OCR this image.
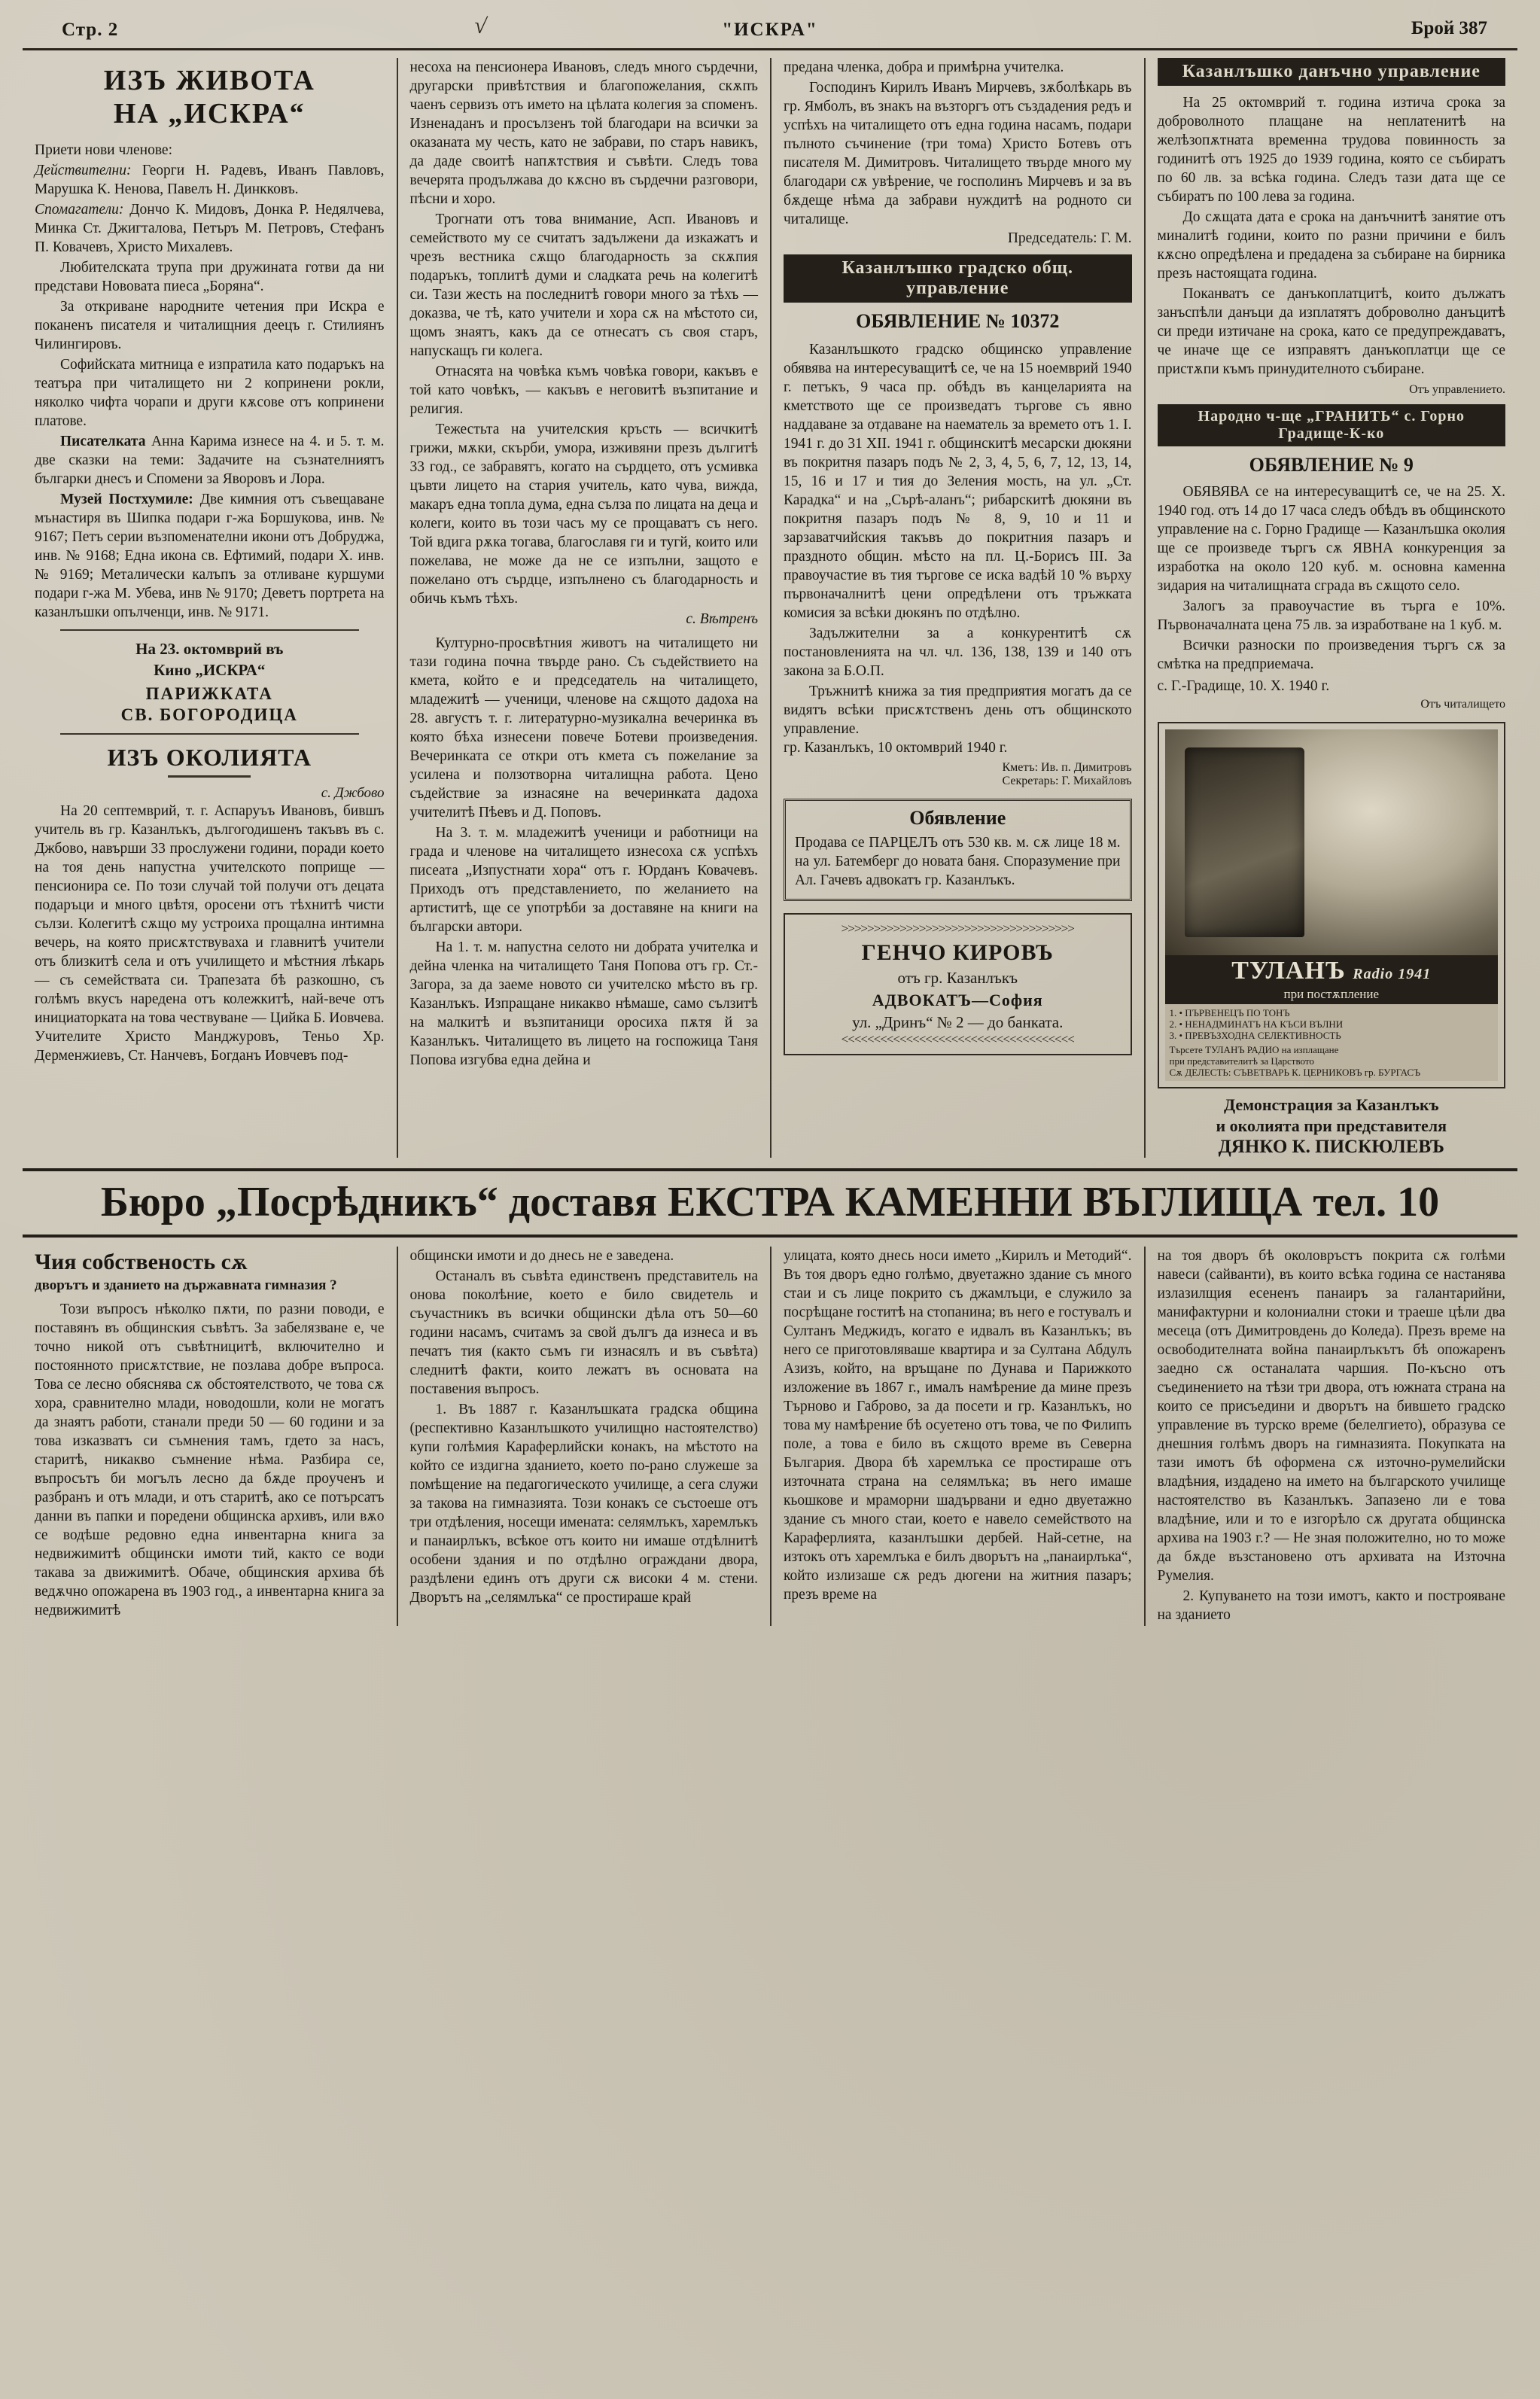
Стр. 2	√	"ИСКРА"	Брой 387
ИЗЪ ЖИВОТА
НА „ИСКРА“

Приети нови членове:

Действителни: Георги Н. Радевъ, Иванъ Павловъ, Марушка К. Ненова, Павелъ Н. Динкковъ.

Спомагатели: Дончо К. Мидовъ, Донка Р. Недялчева, Минка Ст. Джигталова, Петъръ М. Петровъ, Стефанъ П. Ковачевъ, Христо Михалевъ.

Любителската трупа при дружината готви да ни представи Нововата пиеса „Боряна“.

За откриване народните четения при Искра е поканенъ писателя и читалищния деецъ г. Стилиянъ Чилингировъ.

Софийската митница е изпратила като подаръкъ на театъра при читалището ни 2 копринени рокли, няколко чифта чорапи и други кѫсове отъ копринени платове.

Писателката Анна Карима изнесе на 4. и 5. т. м. две сказки на теми: Задачите на съзнателниятъ българки днесъ и Спомени за Яворовъ и Лора.

Музей Постхумиле: Две кимния отъ съвещаване мънастиря въ Шипка подари г-жа Боршукова, инв. № 9167; Петъ серии възпоменателни икони отъ Добруджа, инв. № 9168; Една икона св. Ефтимий, подари Х. инв. № 9169; Металически калъпъ за отливане куршуми подари г-жа М. Убева, инв № 9170; Деветъ портрета на казанлъшки опълченци, инв. № 9171.

На 23. октомврий въ
Кино „ИСКРА“
ПАРИЖКАТА
СВ. БОГОРОДИЦА
ИЗЪ ОКОЛИЯТА
с. Джбово

На 20 септемврий, т. г. Аспаруъъ Ивановъ, бившъ учитель въ гр. Казанлъкъ, дългогодишенъ такъвъ въ с. Джбово, навърши 33 прослужени години, поради което на тоя день напустна учителското поприще — пенсионира се. По този случай той получи отъ децата подаръци и много цвѣтя, оросени отъ тѣхнитѣ чисти сълзи. Колегитѣ сѫщо му устроиха прощална интимна вечерь, на която присѫтствуваха и главнитѣ учители отъ близкитѣ села и отъ училището и мѣстния лѣкарь — съ семействата си. Трапезата бѣ разкошно, съ голѣмъ вкусъ наредена отъ колежкитѣ, най-вече отъ инициаторката на това чествуване — Цийка Б. Иовчева. Учителите Христо Манджуровъ, Теньо Хр. Дерменжиевъ, Ст. Нанчевъ, Богданъ Иовчевъ под-

несоха на пенсионера Ивановъ, следъ много сърдечни, другарски привѣтствия и благопожелания, скѫпъ чаенъ сервизъ отъ името на цѣлата колегия за споменъ. Изненаданъ и просълзенъ той благодари на всички за оказаната му честь, като не забрави, по старъ навикъ, да даде своитѣ напѫтствия и съвѣти. Следъ това вечерята продължава до кѫсно въ сърдечни разговори, пѣсни и хоро.

Трогнати отъ това внимание, Асп. Ивановъ и семейството му се считатъ задължени да изкажатъ и чрезъ вестника сѫщо благодарность за скѫпия подаръкъ, топлитѣ думи и сладката речь на колегитѣ си. Тази жесть на последнитѣ говори много за тѣхъ — доказва, че тѣ, като учители и хора сѫ на мѣстото си, щомъ знаятъ, какъ да се отнесатъ съ своя старъ, напускащъ ги колега.

Отнасята на човѣка къмъ човѣка говори, какъвъ е той като човѣкъ, — какъвъ е неговитѣ възпитание и религия.

Тежестьта на учителския кръсть — всичкитѣ грижи, мѫки, скърби, умора, изживяни презъ дългитѣ 33 год., се забравятъ, когато на сърдцето, отъ усмивка цъвти лицето на стария учитель, като чува, вижда, макаръ една топла дума, една сълза по лицата на деца и колеги, които въ този часъ му се прощаватъ съ него. Той вдига рѫка тогава, благославя ги и тугй, които или пожелава, не може да не се изпълни, защото е пожелано отъ сърдце, изпълнено съ благодарность и обичь къмъ тѣхъ.

с. Вѣтренъ

Културно-просвѣтния животъ на читалището ни тази година почна твърде рано. Съ съдействието на кмета, който е и председатель на читалището, младежитѣ — ученици, членове на сѫщото дадоха на 28. августъ т. г. литературно-музикална вечеринка въ която бѣха изнесени повече Ботеви произведения. Вечеринката се откри отъ кмета съ пожелание за усилена и ползотворна читалищна работа. Цено съдействие за изнасяне на вечеринката дадоха учителитѣ Пѣевъ и Д. Поповъ.

На 3. т. м. младежитѣ ученици и работници на града и членове на читалището изнесоха сѫ успѣхъ писеата „Изпустнати хора“ отъ г. Юрданъ Ковачевъ. Приходъ отъ представлението, по желанието на артиститѣ, ще се употрѣби за доставяне на книги на български автори.

На 1. т. м. напустна селото ни добрата учителка и дейна членка на читалището Таня Попова отъ гр. Ст.-Загора, за да заеме новото си учителско мѣсто въ гр. Казанлъкъ. Изпращане никакво нѣмаше, само сълзитѣ на малкитѣ и възпитаници оросиха пѫтя й за Казанлъкъ. Читалището въ лицето на госпожица Таня Попова изгубва една дейна и

предана членка, добра и примѣрна учителка.

Господинъ Кирилъ Иванъ Мирчевъ, зѫболѣкарь въ гр. Ямболъ, въ знакъ на възторгъ отъ създадения редъ и успѣхъ на читалището отъ една година насамъ, подари пълното съчинение (три тома) Христо Ботевъ отъ писателя М. Димитровъ. Читалището твърде много му благодари сѫ увѣрение, че госполинъ Мирчевъ и за въ бѫдеще нѣма да забрави нуждитѣ на родното си читалище.

Председатель: Г. М.
Казанлъшко градско общ. управление
ОБЯВЛЕНИЕ № 10372

Казанлъшкото градско общинско управление обявява на интересуващитѣ се, че на 15 ноемврий 1940 г. петъкъ, 9 часа пр. обѣдъ въ канцеларията на кметството ще се произведатъ търгове съ явно наддаване за отдаване на наематель за времето отъ 1. I. 1941 г. до 31 XII. 1941 г. общинскитѣ месарски дюкяни въ покритня пазаръ подъ № 2, 3, 4, 5, 6, 7, 12, 13, 14, 15, 16 и 17 и тия до Зеления мость, на ул. „Ст. Карадка“ и на „Сърѣ-аланъ“; рибарскитѣ дюкяни въ покритня пазаръ подъ № 8, 9, 10 и 11 и зарзаватчийския такъвъ до покритния пазаръ и празднотo общин. мѣсто на пл. Ц.-Борисъ III. За правоучастие въ тия търгове се иска вадѣй 10 % върху първоначалнитѣ цени опредѣлени отъ тръжката комисия за всѣки дюкянъ по отдѣлно.

Задължителни за а конкурентитѣ сѫ постановленията на чл. чл. 136, 138, 139 и 140 отъ закона за Б.О.П.

Тръжнитѣ книжа за тия предприятия могатъ да се видятъ всѣки присѫтственъ день отъ общинското управление.

гр. Казанлъкъ, 10 октомврий 1940 г.
Кметъ: Ив. п. Димитровъ
Секретарь: Г. Михайловъ
Обявление

Продава се ПАРЦЕЛЪ отъ 530 кв. м. сѫ лице 18 м. на ул. Батемберг до новата баня. Споразумение при Ал. Гачевъ адвокатъ гр. Казанлъкъ.

>>>>>>>>>>>>>>>>>>>>>>>>>>>>>>>>>>>>
ГЕНЧО КИРОВЪ
отъ гр. Казанлъкъ
АДВОКАТЪ—София
ул. „Дринъ“ № 2 — до банката.
<<<<<<<<<<<<<<<<<<<<<<<<<<<<<<<<<<<<
Казанлъшко данъчно управление

На 25 октомврий т. година изтича срока за доброволното плащане на неплатенитѣ на желѣзопѫтната временна трудова повинность за годинитѣ отъ 1925 до 1939 година, която се събиратъ по 60 лв. за всѣка година. Следъ тази дата ще се събиратъ по 100 лева за година.

До сѫщата дата е срока на данъчнитѣ занятие отъ миналитѣ години, които по разни причини е билъ кѫсно опредѣлена и предадена за събиране на бирника презъ настоящата година.

Поканватъ се данъкоплатцитѣ, които дължатъ занъспѣли данъци да изплатятъ доброволно данъцитѣ си преди изтичане на срока, като се предупреждаватъ, че иначе ще се изправятъ данъкоплатци ще се пристѫпи къмъ принудителното събиране.

Отъ управлението.
Народно ч-ще „ГРАНИТЬ“ с. Горно Градище-К-ко
ОБЯВЛЕНИЕ № 9

ОБЯВЯВА се на интересуващитѣ се, че на 25. X. 1940 год. отъ 14 до 17 часа следъ обѣдъ въ общинското управление на с. Горно Градище — Казанлъшка околия ще се произведе търгъ сѫ ЯВНА конкуренция за изработка на около 120 куб. м. основна каменна зидария на читалищната сграда въ сѫщото село.

Залогъ за правоучастие въ търга е 10%. Първоначалната цена 75 лв. за изработване на 1 куб. м.

Всички разноски по произведения търгъ сѫ за смѣтка на предприемача.

с. Г.-Градище, 10. X. 1940 г.
Отъ читалището
ТУЛАНЪ Radio 1941
при постѫпление
1. • ПЪРВЕНЕЦЪ ПО ТОНЪ
2. • НЕНАДМИНАТЪ НА КЪСИ ВЪЛНИ
3. • ПРЕВЪЗХОДНА СЕЛЕКТИВНОСТЬ
Търсете ТУЛАНЪ РАДИО на изплащане
при представителитѣ за Царството
Сѫ ДЕЛЕСТЬ: СЪВЕТВАРЬ К. ЦЕРНИКОВЪ гр. БУРГАСЪ
Демонстрация за Казанлъкъ
и околията при представителя
ДЯНКО К. ПИСКЮЛЕВЪ
Бюро „Посрѣдникъ“ доставя ЕКСТРА КАМЕННИ ВЪГЛИЩА тел. 10
Чия собственость сѫ
дворътъ и зданието на държавната гимназия ?

Този въпросъ нѣколко пѫти, по разни поводи, е поставянъ въ общинския съвѣтъ. За забелязване е, че точно никой отъ съвѣтницитѣ, включително и постоянното присѫтствие, не позлава добре въпроса. Това се лесно обяснява сѫ обстоятелството, че това сѫ хора, сравнително млади, новодошли, коли не могатъ да знаятъ работи, станали преди 50 — 60 години и за това изказватъ си съмнения тамъ, гдето за насъ, старитѣ, никакво съмнение нѣма. Разбира се, въпросътъ би могълъ лесно да бѫде прoученъ и разбранъ и отъ млади, и отъ старитѣ, ако се потърсатъ данни въ папки и поредени общинска архивъ, или вѫо се водѣше редовно една инвентарна книга за недвижимитѣ общински имоти тий, както се води такава за движимитѣ. Обаче, общинския архива бѣ ведѫчно опожарена въ 1903 год., а инвентарна книга за недвижимитѣ

общински имоти и до днесь не е заведена.

Останалъ въ съвѣта единственъ представитель на онова поколѣние, което е било свидетель и съучастникъ въ всички общински дѣла отъ 50—60 години насамъ, считамъ за свой дългъ да изнеса и въ печатъ тия (както съмъ ги изнасялъ и въ съвѣта) следнитѣ факти, които лежатъ въ основата на поставения въпросъ.

1. Въ 1887 г. Казанлъшката градска община (респективно Казанлъшкото училищно настоятелство) купи голѣмия Карaферлийски конакъ, на мѣстото на който се издигна зданието, което по-рано служеше за помѣщение на педагогическото училище, а сега служи за такова на гимназията. Този конакъ се състоеше отъ три отдѣления, носещи имената: селямлъкъ, харемлъкъ и панаирлъкъ, всѣкое отъ които ни имаше отдѣлнитѣ особени здания и по отдѣлно ограждани двора, раздѣлени единъ отъ други сѫ високи 4 м. стени. Дворътъ на „селямлъка“ се простираше край

улицата, която днесь носи името „Кирилъ и Методий“. Въ тоя дворъ едно голѣмо, двуетажно здание съ много стаи и съ лице покрито съ джамлъци, е служило за посрѣщане гоститѣ на стопанина; въ него е гостувалъ и Султанъ Меджидъ, когато е идвалъ въ Казанлъкъ; въ него се приготовляваше квартира и за Султана Абдулъ Азизъ, който, на връщане по Дунава и Парижкото изложение въ 1867 г., ималъ намѣрение да мине презъ Търново и Габрово, за да посети и гр. Казанлъкъ, но това му намѣрение бѣ осуетено отъ това, че по Филипъ поле, а това е било въ сѫщото време въ Северна България. Двора бѣ харемлъка се простираше отъ източната страна на селямлъка; въ него имаше кьошкове и мраморни шадървани и едно двуетажно здание съ много стаи, което е навело семейството на Карaферлията, казанлъшки дербей. Най-сетне, на изтокъ отъ харемлъка е билъ дворътъ на „панаирлъка“, който излизаше сѫ редъ дюгени на житния пазаръ; презъ време на

на тоя дворъ бѣ околовръстъ покрита сѫ голѣми навеси (сайванти), въ които всѣка година се настанява излазилщия есененъ панаиръ за галантарийни, манифактурни и колониални стоки и траеше цѣли два месеца (отъ Димитровдень до Коледа). Презъ време на освободителната война панаирлъкътъ бѣ опожаренъ заедно сѫ останалата чаршия. По-късно отъ съединението на тѣзи три двора, отъ южната страна на които се присъедини и дворътъ на бившето градско управление въ турско време (белелгието), образува се днешния голѣмъ дворъ на гимназията. Покупката на тази имотъ бѣ оформена сѫ източно-румелийски владѣния, издадено на името на българското училище настоятелство въ Казанлъкъ. Запазено ли е това владѣние, или и то е изгорѣло сѫ другата общинска архива на 1903 г.? — Не зная положително, но то може да бѫде възстановено отъ архивата на Източна Румелия.

2. Купуването на този имотъ, както и построяване на зданието
